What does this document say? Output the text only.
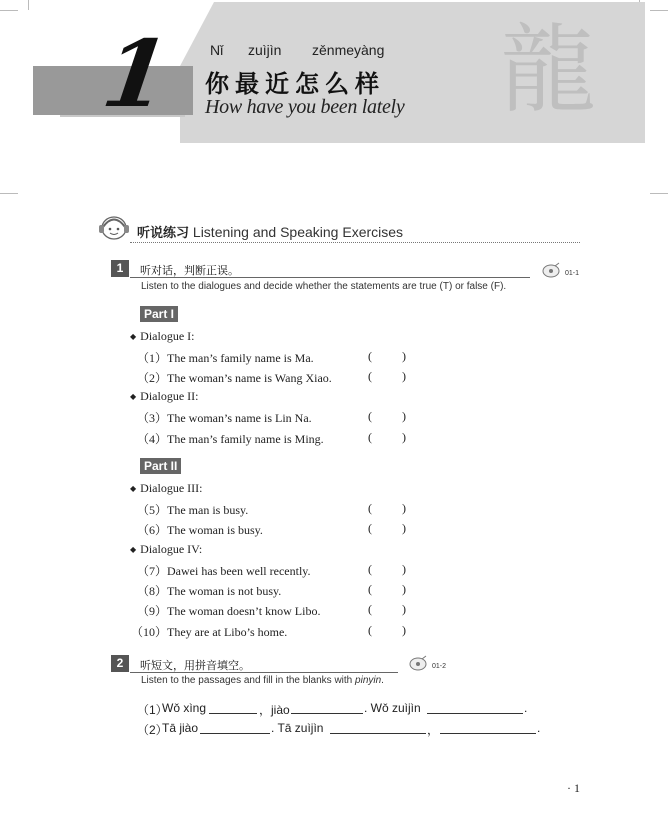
龍
1 Nǐ zuìjìn zěnmeyàng
你最近怎么样
How have you been lately
听说练习 Listening and Speaking Exercises
1	听对话，判断正误。
Listen to the dialogues and decide whether the statements are true (T) or false (F).
01-1
Part I
◆ Dialogue I:
（1）The man’s family name is Ma.	(          )
（2）The woman’s name is Wang Xiao.	(          )
◆ Dialogue II:
（3）The woman’s name is Lin Na.	(          )
（4）The man’s family name is Ming.	(          )
Part II
◆ Dialogue III:
（5）The man is busy.	(          )
（6）The woman is busy.	(          )
◆ Dialogue IV:
（7）Dawei has been well recently.	(          )
（8）The woman is not busy.	(          )
（9）The woman doesn’t know Libo.	(          )
（10）They are at Libo’s home.	(          )
2	听短文，用拼音填空。
Listen to the passages and fill in the blanks with pinyin.
01-2
（1）
Wǒ xìng	，jiào	. Wǒ zuìjìn	.
（2）
Tā jiào	. Tā zuìjìn	，	.
· 1
